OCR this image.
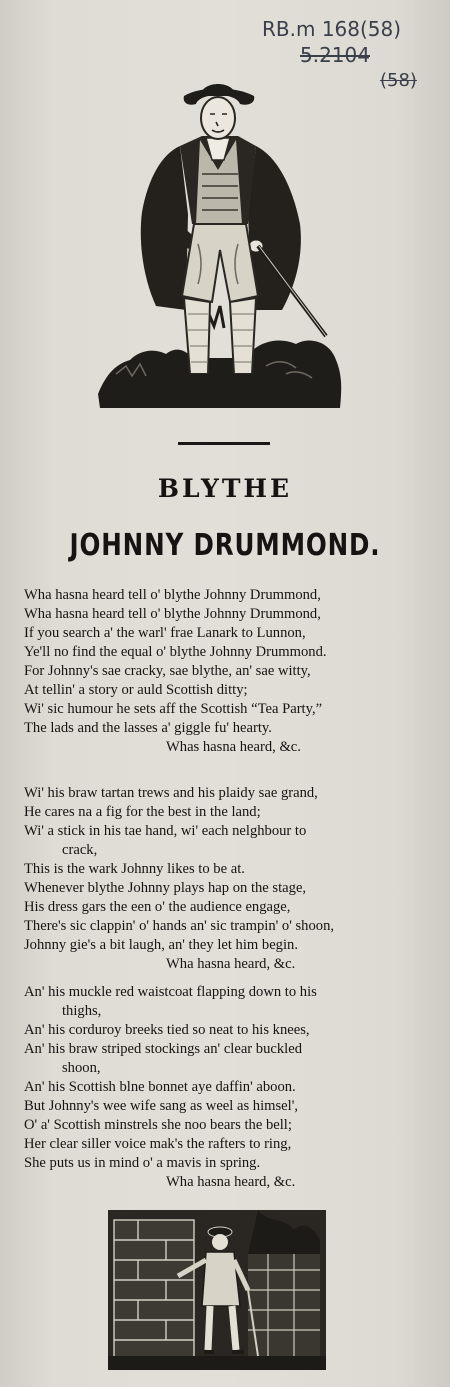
RB.m 168(58)
5.2104
(58)
BLYTHE
JOHNNY DRUMMOND.
Wha hasna heard tell o' blythe Johnny Drummond,
Wha hasna heard tell o' blythe Johnny Drummond,
If you search a' the warl' frae Lanark to Lunnon,
Ye'll no find the equal o' blythe Johnny Drummond.
For Johnny's sae cracky, sae blythe, an' sae witty,
At tellin' a story or auld Scottish ditty;
Wi' sic humour he sets aff the Scottish “Tea Party,”
The lads and the lasses a' giggle fu' hearty.
Whas hasna heard, &c.
Wi' his braw tartan trews and his plaidy sae grand,
He cares na a fig for the best in the land;
Wi' a stick in his tae hand, wi' each nelghbour to
crack,
This is the wark Johnny likes to be at.
Whenever blythe Johnny plays hap on the stage,
His dress gars the een o' the audience engage,
There's sic clappin' o' hands an' sic trampin' o' shoon,
Johnny gie's a bit laugh, an' they let him begin.
Wha hasna heard, &c.
An' his muckle red waistcoat flapping down to his
thighs,
An' his corduroy breeks tied so neat to his knees,
An' his braw striped stockings an' clear buckled
shoon,
An' his Scottish blne bonnet aye daffin' aboon.
But Johnny's wee wife sang as weel as himsel',
O' a' Scottish minstrels she noo bears the bell;
Her clear siller voice mak's the rafters to ring,
She puts us in mind o' a mavis in spring.
Wha hasna heard, &c.
